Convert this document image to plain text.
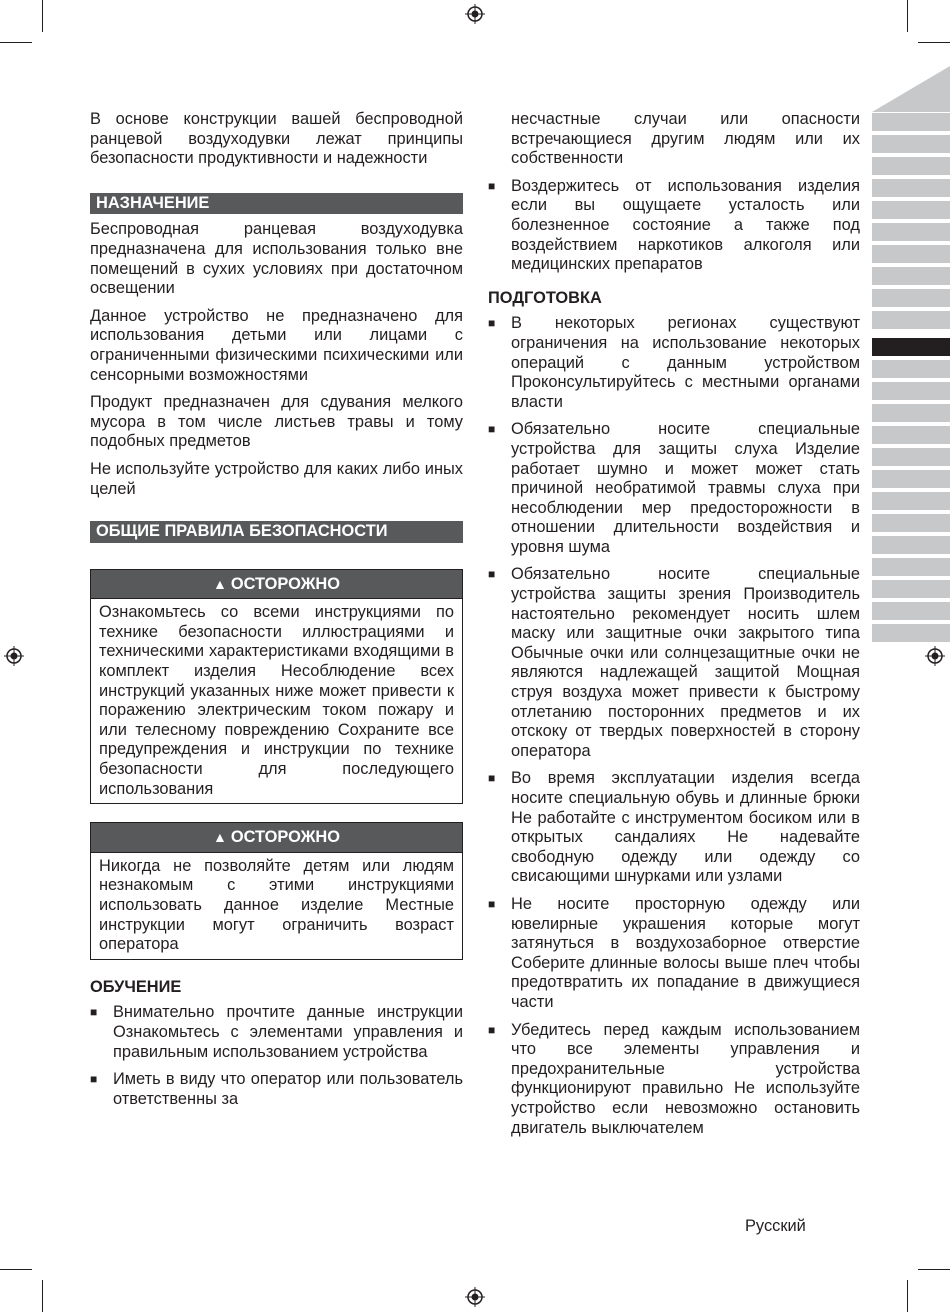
В основе конструкции вашей беспроводной ранцевой воздуходувки лежат принципы безопасности продуктивности и надежности

НАЗНАЧЕНИЕ

Беспроводная ранцевая воздуходувка предназначена для использования только вне помещений в сухих условиях при достаточном освещении

Данное устройство не предназначено для использования детьми или лицами с ограниченными физическими психическими или сенсорными возможностями

Продукт предназначен для сдувания мелкого мусора в том числе листьев травы и тому подобных предметов

Не используйте устройство для каких либо иных целей

ОБЩИЕ ПРАВИЛА БЕЗОПАСНОСТИ
▲ ОСТОРОЖНО
Ознакомьтесь со всеми инструкциями по технике безопасности иллюстрациями и техническими характеристиками входящими в комплект изделия Несоблюдение всех инструкций указанных ниже может привести к поражению электрическим током пожару и или телесному повреждению Сохраните все предупреждения и инструкции по технике безопасности для последующего использования
▲ ОСТОРОЖНО
Никогда не позволяйте детям или людям незнакомым с этими инструкциями использовать данное изделие Местные инструкции могут ограничить возраст оператора
ОБУЧЕНИЕ
■ Внимательно прочтите данные инструкции Ознакомьтесь с элементами управления и правильным использованием устройства
■ Иметь в виду что оператор или пользователь ответственны за

несчастные случаи или опасности встречающиеся другим людям или их собственности

■ Воздержитесь от использования изделия если вы ощущаете усталость или болезненное состояние а также под воздействием наркотиков алкоголя или медицинских препаратов
ПОДГОТОВКА
■ В некоторых регионах существуют ограничения на использование некоторых операций с данным устройством Проконсультируйтесь с местными органами власти
■ Обязательно носите специальные устройства для защиты слуха Изделие работает шумно и может может стать причиной необратимой травмы слуха при несоблюдении мер предосторожности в отношении длительности воздействия и уровня шума
■ Обязательно носите специальные устройства защиты зрения Производитель настоятельно рекомендует носить шлем маску или защитные очки закрытого типа Обычные очки или солнцезащитные очки не являются надлежащей защитой Мощная струя воздуха может привести к быстрому отлетанию посторонних предметов и их отскоку от твердых поверхностей в сторону оператора
■ Во время эксплуатации изделия всегда носите специальную обувь и длинные брюки Не работайте с инструментом босиком или в открытых сандалиях Не надевайте свободную одежду или одежду со свисающими шнурками или узлами
■ Не носите просторную одежду или ювелирные украшения которые могут затянуться в воздухозаборное отверстие Соберите длинные волосы выше плеч чтобы предотвратить их попадание в движущиеся части
■ Убедитесь перед каждым использованием что все элементы управления и предохранительные устройства функционируют правильно Не используйте устройство если невозможно остановить двигатель выключателем
Русский
